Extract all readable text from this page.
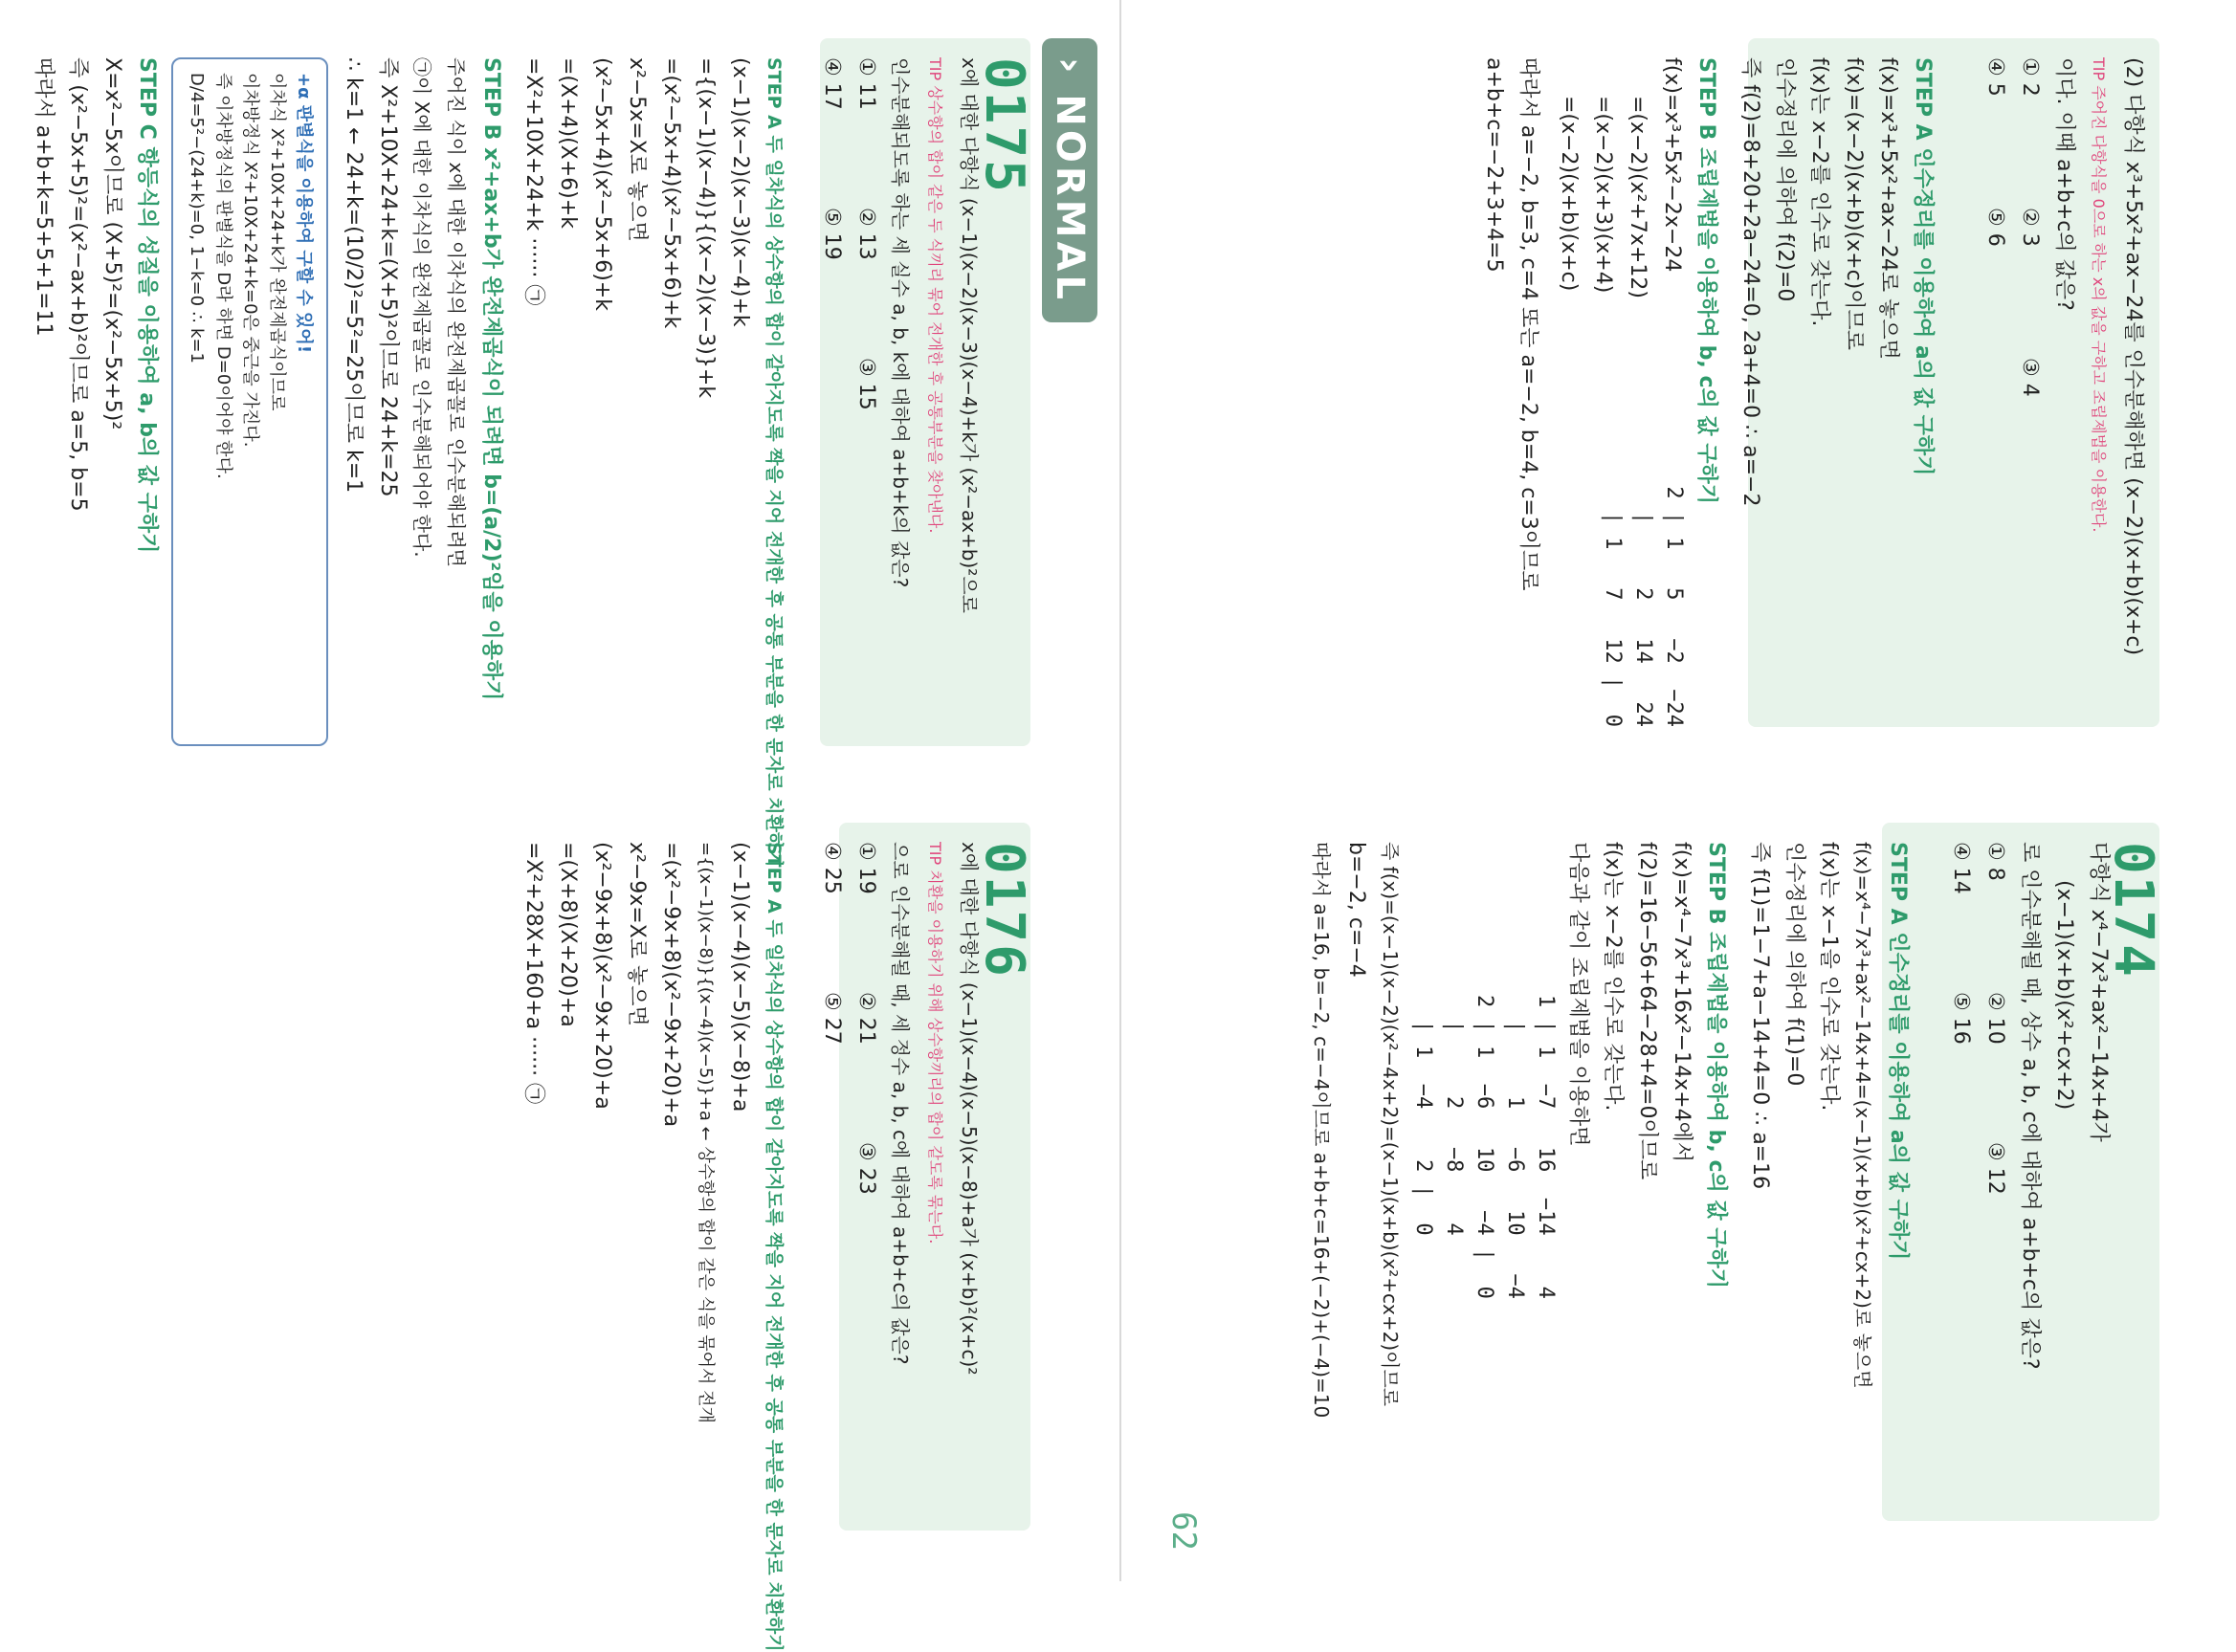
(2) 다항식 x³+5x²+ax−24를 인수분해하면 (x−2)(x+b)(x+c)
TIP 주어진 다항식을 0으로 하는 x의 값을 구하고 조립제법을 이용한다.
이다. 이때 a+b+c의 값은?
① 2 ② 3 ③ 4
④ 5 ⑤ 6
STEP A 인수정리를 이용하여 a의 값 구하기
f(x)=x³+5x²+ax−24로 놓으면
f(x)=(x−2)(x+b)(x+c)이므로
f(x)는 x−2를 인수로 갖는다.
인수정리에 의하여 f(2)=0
즉 f(2)=8+20+2a−24=0, 2a+4=0 ∴ a=−2
STEP B 조립제법을 이용하여 b, c의 값 구하기
f(x)=x³+5x²−2x−24
=(x−2)(x²+7x+12)
=(x−2)(x+3)(x+4)
=(x−2)(x+b)(x+c)
2 | 1   5   −2  −24
|     2   14   24
| 1   7   12 |  0
따라서 a=−2, b=3, c=4 또는 a=−2, b=4, c=3이므로
a+b+c=−2+3+4=5
0174
다항식 x⁴−7x³+ax²−14x+4가
(x−1)(x+b)(x²+cx+2)
로 인수분해될 때, 상수 a, b, c에 대하여 a+b+c의 값은?
① 8 ② 10 ③ 12
④ 14 ⑤ 16
STEP A 인수정리를 이용하여 a의 값 구하기
f(x)=x⁴−7x³+ax²−14x+4=(x−1)(x+b)(x²+cx+2)로 놓으면
f(x)는 x−1을 인수로 갖는다.
인수정리에 의하여 f(1)=0
즉 f(1)=1−7+a−14+4=0 ∴ a=16
STEP B 조립제법을 이용하여 b, c의 값 구하기
f(x)=x⁴−7x³+16x²−14x+4에서
f(2)=16−56+64−28+4=0이므로
f(x)는 x−2를 인수로 갖는다.
다음과 같이 조립제법을 이용하면
1 | 1  −7   16  −14    4
|     1   −6   10   −4
2 | 1  −6   10   −4 |  0
|     2   −8    4
| 1  −4    2 |  0
즉 f(x)=(x−1)(x−2)(x²−4x+2)=(x−1)(x+b)(x²+cx+2)이므로
b=−2, c=−4
따라서 a=16, b=−2, c=−4이므로 a+b+c=16+(−2)+(−4)=10
62
› NORMAL
0175
x에 대한 다항식 (x−1)(x−2)(x−3)(x−4)+k가 (x²−ax+b)²으로
TIP 상수항의 합이 같은 두 식끼리 묶어 전개한 후 공통부분을 찾아낸다.
인수분해되도록 하는 세 실수 a, b, k에 대하여 a+b+k의 값은?
① 11 ② 13 ③ 15
④ 17 ⑤ 19
STEP A 두 일차식의 상수항의 합이 같아지도록 짝을 지어 전개한 후 공통 부분을 한 문자로 치환하기
(x−1)(x−2)(x−3)(x−4)+k
={(x−1)(x−4)}{(x−2)(x−3)}+k
=(x²−5x+4)(x²−5x+6)+k
x²−5x=X로 놓으면
(x²−5x+4)(x²−5x+6)+k
=(X+4)(X+6)+k
=X²+10X+24+k ······ ㉠
STEP B x²+ax+b가 완전제곱식이 되려면 b=(a/2)²임을 이용하기
주어진 식이 x에 대한 이차식의 완전제곱꼴로 인수분해되려면
㉠이 X에 대한 이차식의 완전제곱꼴로 인수분해되어야 한다.
즉 X²+10X+24+k=(X+5)²이므로 24+k=25
∴ k=1 ← 24+k=(10/2)²=5²=25이므로 k=1
+α 판별식을 이용하여 구할 수 있어!
이차식 X²+10X+24+k가 완전제곱식이므로
이차방정식 X²+10X+24+k=0은 중근을 가진다.
즉 이차방정식의 판별식을 D라 하면 D=0이어야 한다.
D/4=5²−(24+k)=0, 1−k=0 ∴ k=1
STEP C 항등식의 성질을 이용하여 a, b의 값 구하기
X=x²−5x이므로 (X+5)²=(x²−5x+5)²
즉 (x²−5x+5)²=(x²−ax+b)²이므로 a=5, b=5
따라서 a+b+k=5+5+1=11
0176
x에 대한 다항식 (x−1)(x−4)(x−5)(x−8)+a가 (x+b)²(x+c)²
TIP 치환을 이용하기 위해 상수항끼리의 합이 같도록 묶는다.
으로 인수분해될 때, 세 정수 a, b, c에 대하여 a+b+c의 값은?
① 19 ② 21 ③ 23
④ 25 ⑤ 27
STEP A 두 일차식의 상수항의 합이 같아지도록 짝을 지어 전개한 후 공통 부분을 한 문자로 치환하기
(x−1)(x−4)(x−5)(x−8)+a
={(x−1)(x−8)}{(x−4)(x−5)}+a ← 상수항의 합이 같은 식을 묶어서 전개
=(x²−9x+8)(x²−9x+20)+a
x²−9x=X로 놓으면
(x²−9x+8)(x²−9x+20)+a
=(X+8)(X+20)+a
=X²+28X+160+a ······ ㉠
